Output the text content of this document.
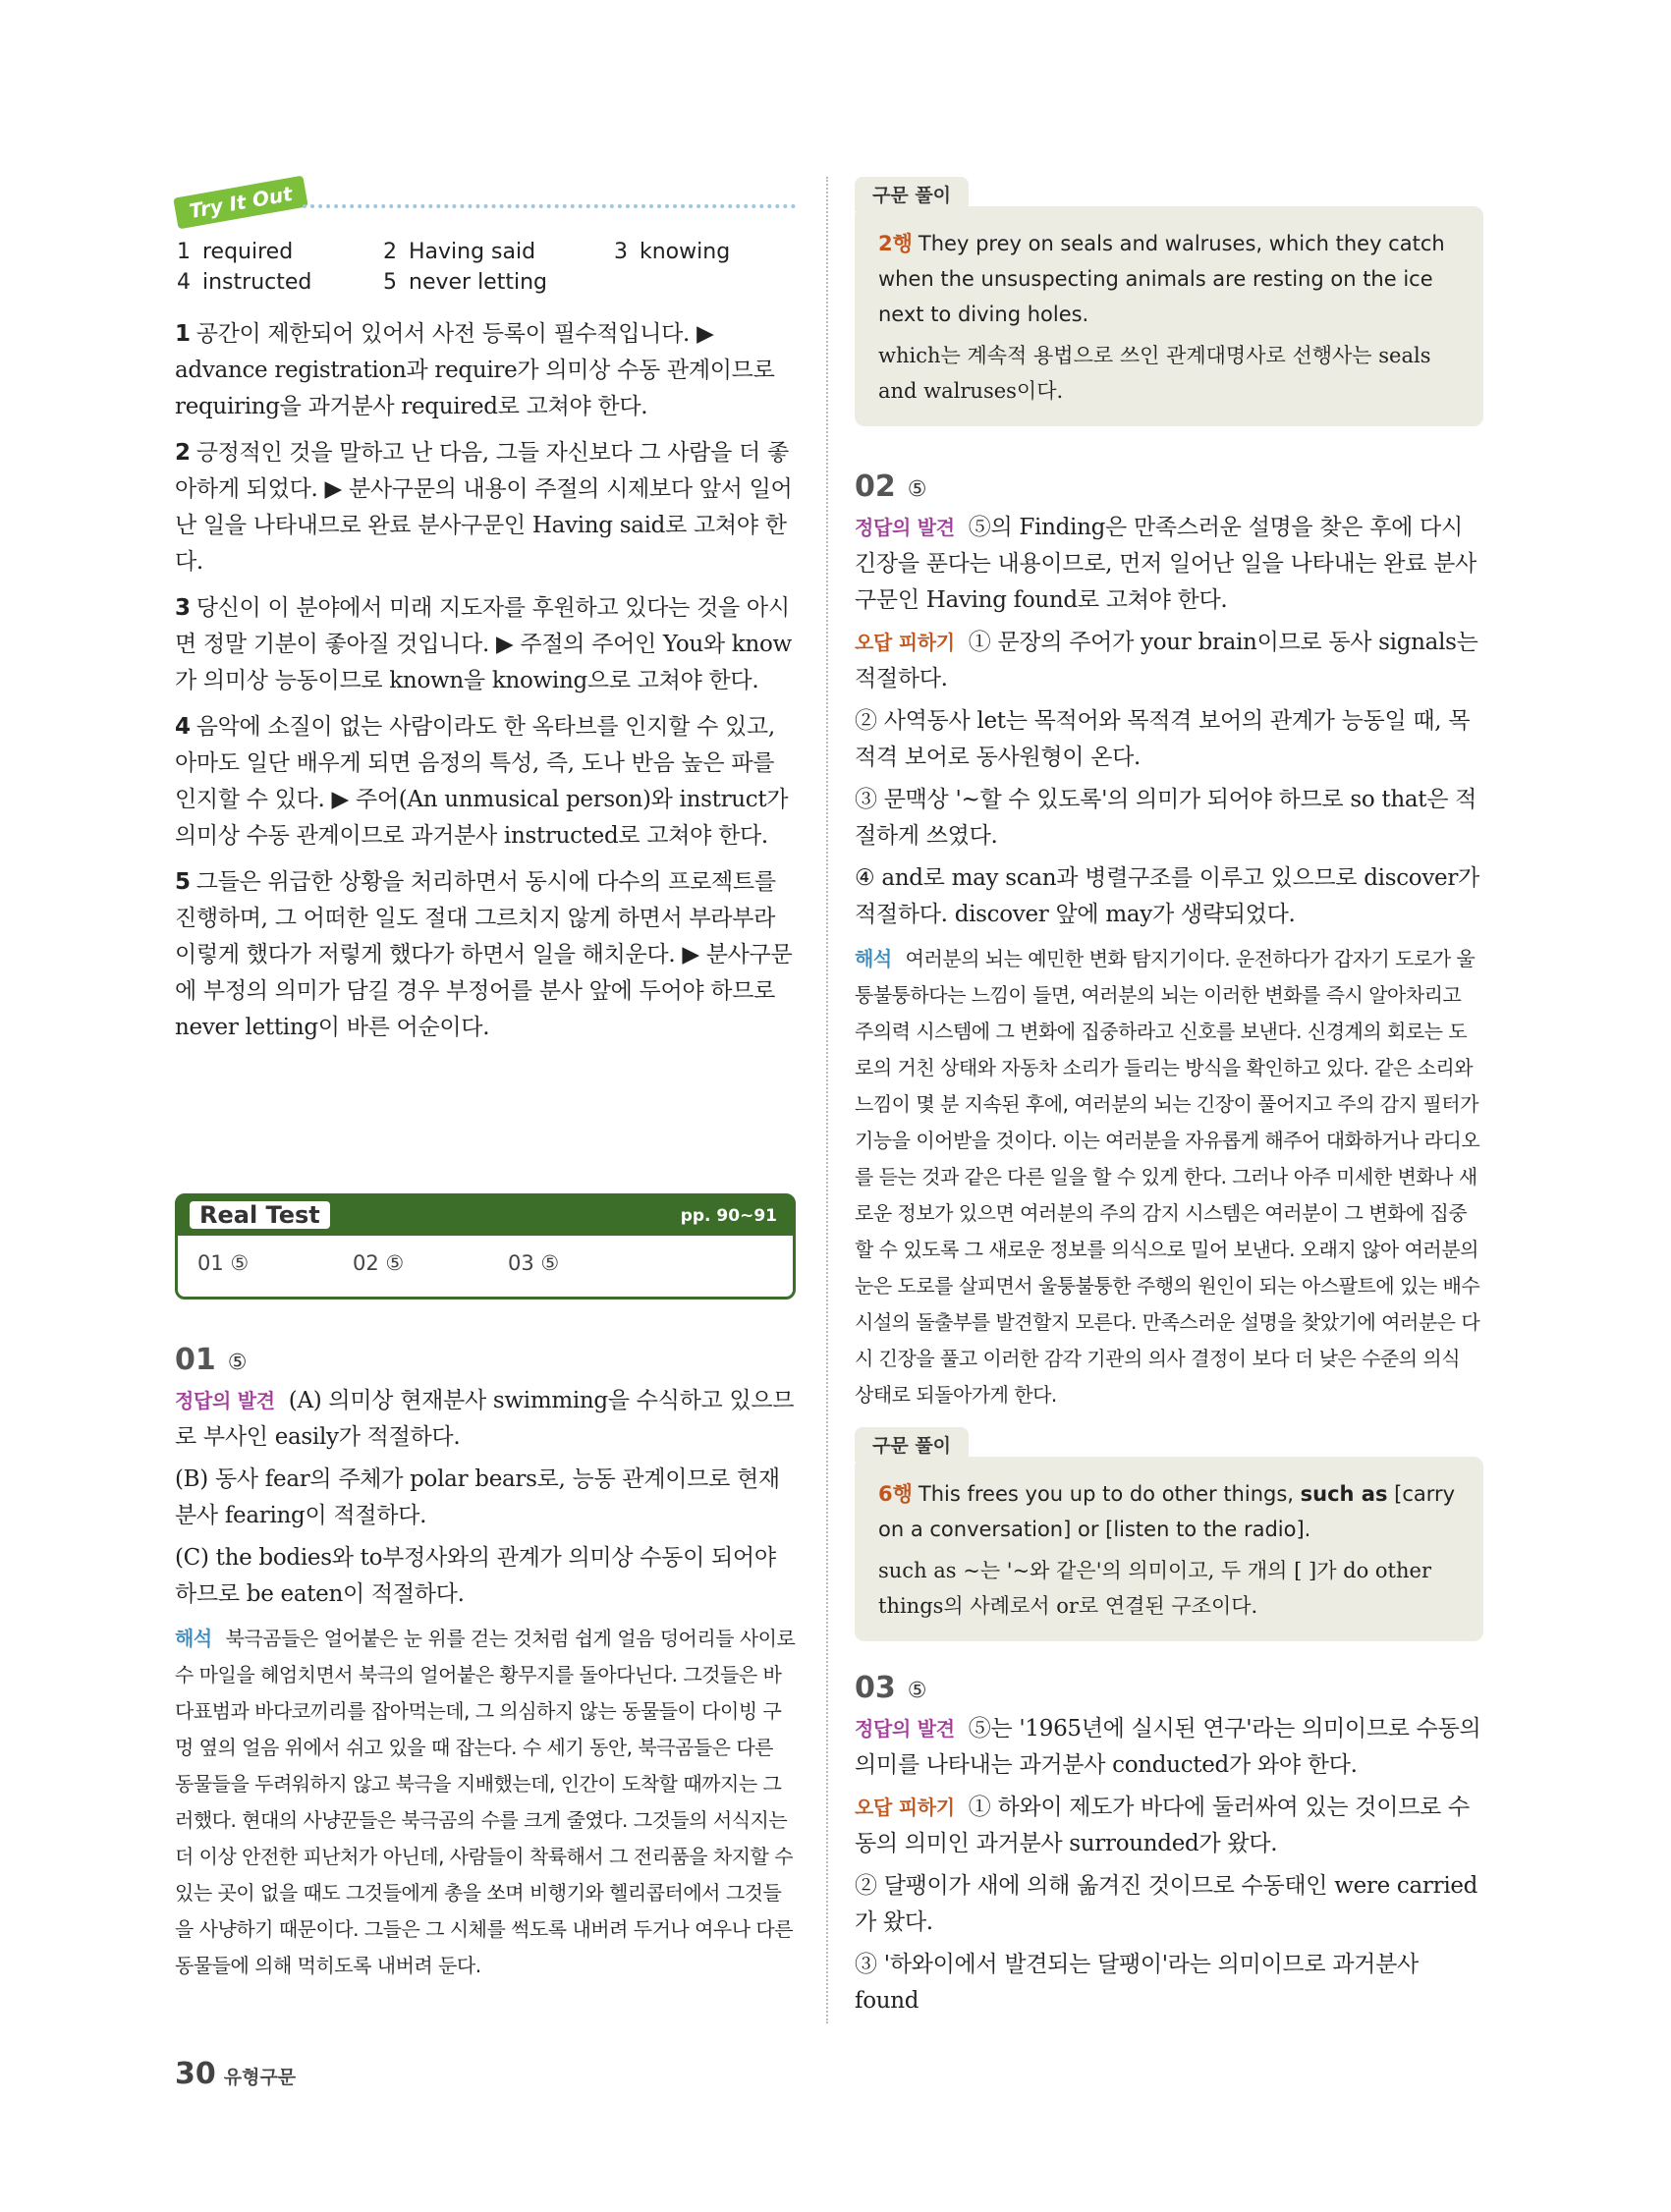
Try It Out
1 required	2 Having said	3 knowing
4 instructed	5 never letting

1 공간이 제한되어 있어서 사전 등록이 필수적입니다. ▶ advance registration과 require가 의미상 수동 관계이므로 requiring을 과거분사 required로 고쳐야 한다.

2 긍정적인 것을 말하고 난 다음, 그들 자신보다 그 사람을 더 좋아하게 되었다. ▶ 분사구문의 내용이 주절의 시제보다 앞서 일어난 일을 나타내므로 완료 분사구문인 Having said로 고쳐야 한다.

3 당신이 이 분야에서 미래 지도자를 후원하고 있다는 것을 아시면 정말 기분이 좋아질 것입니다. ▶ 주절의 주어인 You와 know가 의미상 능동이므로 known을 knowing으로 고쳐야 한다.

4 음악에 소질이 없는 사람이라도 한 옥타브를 인지할 수 있고, 아마도 일단 배우게 되면 음정의 특성, 즉, 도나 반음 높은 파를 인지할 수 있다. ▶ 주어(An unmusical person)와 instruct가 의미상 수동 관계이므로 과거분사 instructed로 고쳐야 한다.

5 그들은 위급한 상황을 처리하면서 동시에 다수의 프로젝트를 진행하며, 그 어떠한 일도 절대 그르치지 않게 하면서 부라부라 이렇게 했다가 저렇게 했다가 하면서 일을 해치운다. ▶ 분사구문에 부정의 의미가 담길 경우 부정어를 분사 앞에 두어야 하므로 never letting이 바른 어순이다.

Real Test	pp. 90~91
01 ⑤	02 ⑤	03 ⑤
01 ⑤

정답의 발견 (A) 의미상 현재분사 swimming을 수식하고 있으므로 부사인 easily가 적절하다.

(B) 동사 fear의 주체가 polar bears로, 능동 관계이므로 현재분사 fearing이 적절하다.

(C) the bodies와 to부정사와의 관계가 의미상 수동이 되어야 하므로 be eaten이 적절하다.

해석 북극곰들은 얼어붙은 눈 위를 걷는 것처럼 쉽게 얼음 덩어리들 사이로 수 마일을 헤엄치면서 북극의 얼어붙은 황무지를 돌아다닌다. 그것들은 바다표범과 바다코끼리를 잡아먹는데, 그 의심하지 않는 동물들이 다이빙 구멍 옆의 얼음 위에서 쉬고 있을 때 잡는다. 수 세기 동안, 북극곰들은 다른 동물들을 두려워하지 않고 북극을 지배했는데, 인간이 도착할 때까지는 그러했다. 현대의 사냥꾼들은 북극곰의 수를 크게 줄였다. 그것들의 서식지는 더 이상 안전한 피난처가 아닌데, 사람들이 착륙해서 그 전리품을 차지할 수 있는 곳이 없을 때도 그것들에게 총을 쏘며 비행기와 헬리콥터에서 그것들을 사냥하기 때문이다. 그들은 그 시체를 썩도록 내버려 두거나 여우나 다른 동물들에 의해 먹히도록 내버려 둔다.

구문 풀이

2행 They prey on seals and walruses, which they catch when the unsuspecting animals are resting on the ice next to diving holes.

which는 계속적 용법으로 쓰인 관계대명사로 선행사는 seals and walruses이다.

02 ⑤

정답의 발견 ⑤의 Finding은 만족스러운 설명을 찾은 후에 다시 긴장을 푼다는 내용이므로, 먼저 일어난 일을 나타내는 완료 분사구문인 Having found로 고쳐야 한다.

오답 피하기 ① 문장의 주어가 your brain이므로 동사 signals는 적절하다.

② 사역동사 let는 목적어와 목적격 보어의 관계가 능동일 때, 목적격 보어로 동사원형이 온다.

③ 문맥상 '~할 수 있도록'의 의미가 되어야 하므로 so that은 적절하게 쓰였다.

④ and로 may scan과 병렬구조를 이루고 있으므로 discover가 적절하다. discover 앞에 may가 생략되었다.

해석 여러분의 뇌는 예민한 변화 탐지기이다. 운전하다가 갑자기 도로가 울퉁불퉁하다는 느낌이 들면, 여러분의 뇌는 이러한 변화를 즉시 알아차리고 주의력 시스템에 그 변화에 집중하라고 신호를 보낸다. 신경계의 회로는 도로의 거친 상태와 자동차 소리가 들리는 방식을 확인하고 있다. 같은 소리와 느낌이 몇 분 지속된 후에, 여러분의 뇌는 긴장이 풀어지고 주의 감지 필터가 기능을 이어받을 것이다. 이는 여러분을 자유롭게 해주어 대화하거나 라디오를 듣는 것과 같은 다른 일을 할 수 있게 한다. 그러나 아주 미세한 변화나 새로운 정보가 있으면 여러분의 주의 감지 시스템은 여러분이 그 변화에 집중할 수 있도록 그 새로운 정보를 의식으로 밀어 보낸다. 오래지 않아 여러분의 눈은 도로를 살피면서 울퉁불퉁한 주행의 원인이 되는 아스팔트에 있는 배수 시설의 돌출부를 발견할지 모른다. 만족스러운 설명을 찾았기에 여러분은 다시 긴장을 풀고 이러한 감각 기관의 의사 결정이 보다 더 낮은 수준의 의식 상태로 되돌아가게 한다.

구문 풀이

6행 This frees you up to do other things, such as [carry on a conversation] or [listen to the radio].

such as ~는 '~와 같은'의 의미이고, 두 개의 [ ]가 do other things의 사례로서 or로 연결된 구조이다.

03 ⑤

정답의 발견 ⑤는 '1965년에 실시된 연구'라는 의미이므로 수동의 의미를 나타내는 과거분사 conducted가 와야 한다.

오답 피하기 ① 하와이 제도가 바다에 둘러싸여 있는 것이므로 수동의 의미인 과거분사 surrounded가 왔다.

② 달팽이가 새에 의해 옮겨진 것이므로 수동태인 were carried가 왔다.

③ '하와이에서 발견되는 달팽이'라는 의미이므로 과거분사 found

30 유형구문
